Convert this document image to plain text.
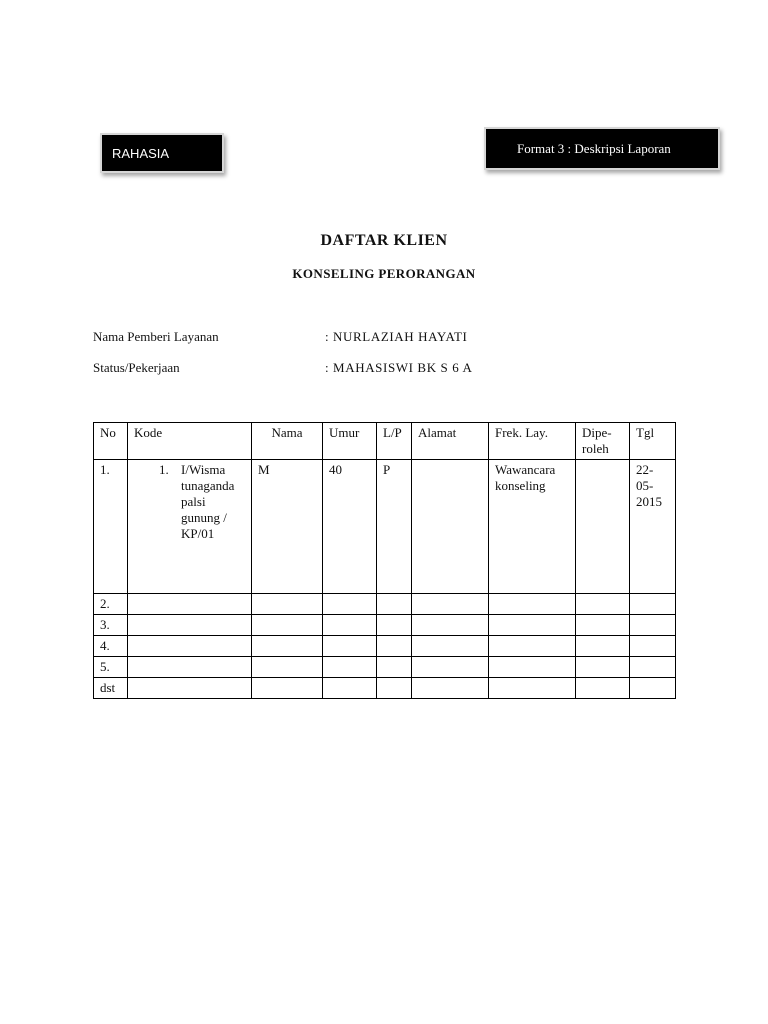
RAHASIA	Format 3 : Deskripsi Laporan
DAFTAR KLIEN
KONSELING PERORANGAN
Nama Pemberi Layanan	: NURLAZIAH HAYATI
Status/Pekerjaan	: MAHASISWI BK S 6 A
No	Kode	Nama	Umur	L/P	Alamat	Frek. Lay.	Dipe-roleh	Tgl
1.	1. I/Wisma tunaganda palsi gunung / KP/01	M	40	P		Wawancara konseling		22-05-2015
2.								
3.								
4.								
5.								
dst								
